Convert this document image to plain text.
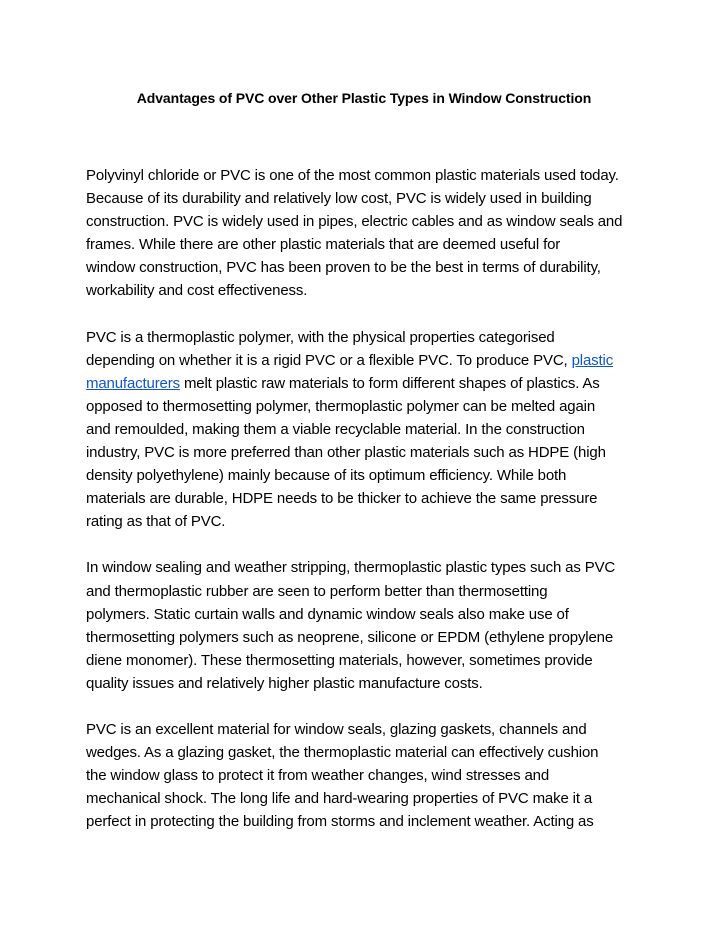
Advantages of PVC over Other Plastic Types in Window Construction
Polyvinyl chloride or PVC is one of the most common plastic materials used today.
Because of its durability and relatively low cost, PVC is widely used in building
construction. PVC is widely used in pipes, electric cables and as window seals and
frames. While there are other plastic materials that are deemed useful for
window construction, PVC has been proven to be the best in terms of durability,
workability and cost effectiveness.
PVC is a thermoplastic polymer, with the physical properties categorised
depending on whether it is a rigid PVC or a flexible PVC. To produce PVC, plastic
manufacturers melt plastic raw materials to form different shapes of plastics. As
opposed to thermosetting polymer, thermoplastic polymer can be melted again
and remoulded, making them a viable recyclable material. In the construction
industry, PVC is more preferred than other plastic materials such as HDPE (high
density polyethylene) mainly because of its optimum efficiency. While both
materials are durable, HDPE needs to be thicker to achieve the same pressure
rating as that of PVC.
In window sealing and weather stripping, thermoplastic plastic types such as PVC
and thermoplastic rubber are seen to perform better than thermosetting
polymers. Static curtain walls and dynamic window seals also make use of
thermosetting polymers such as neoprene, silicone or EPDM (ethylene propylene
diene monomer). These thermosetting materials, however, sometimes provide
quality issues and relatively higher plastic manufacture costs.
PVC is an excellent material for window seals, glazing gaskets, channels and
wedges. As a glazing gasket, the thermoplastic material can effectively cushion
the window glass to protect it from weather changes, wind stresses and
mechanical shock. The long life and hard-wearing properties of PVC make it a
perfect in protecting the building from storms and inclement weather. Acting as
